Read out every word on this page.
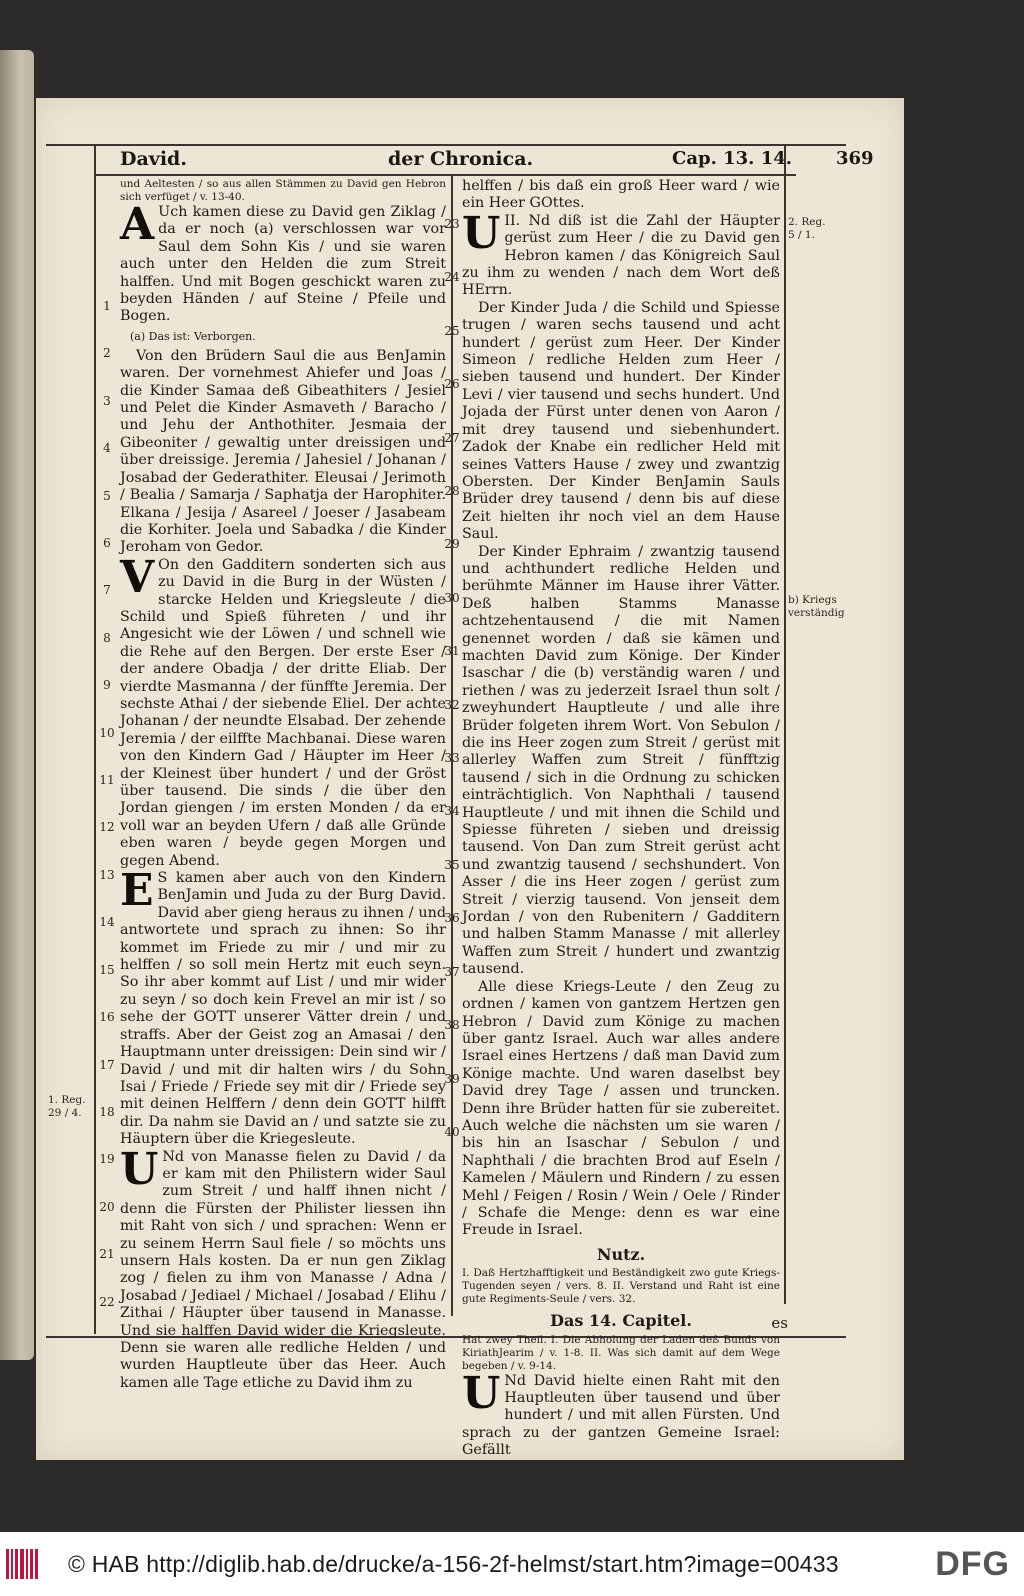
David.	der Chronica.	Cap. 13. 14. 369
1
2
3
4
5
6
7
8
9
10
11
12
13
14
15
16
17
18
19
20
21
22
23
24
25
26
27
28
29
30
31
32
33
34
35
36
37
38
39
40
2. Reg. 5 / 1.
b) Kriegs verständig
1. Reg. 29 / 4.

und Aeltesten / so aus allen Stämmen zu David gen Hebron sich verfüget / v. 13-40.

A Uch kamen diese zu David gen Ziklag / da er noch (a) verschlossen war vor Saul dem Sohn Kis / und sie waren auch unter den Helden die zum Streit halffen. Und mit Bogen geschickt waren zu beyden Händen / auf Steine / Pfeile und Bogen.

(a) Das ist: Verborgen.

Von den Brüdern Saul die aus BenJamin waren. Der vornehmest Ahiefer und Joas / die Kinder Samaa deß Gibeathiters / Jesiel und Pelet die Kinder Asmaveth / Baracho / und Jehu der Anthothiter. Jesmaia der Gibeoniter / gewaltig unter dreissigen und über dreissige. Jeremia / Jahesiel / Johanan / Josabad der Gederathiter. Eleusai / Jerimoth / Bealia / Samarja / Saphatja der Harophiter. Elkana / Jesija / Asareel / Joeser / Jasabeam die Korhiter. Joela und Sabadka / die Kinder Jeroham von Gedor.

V On den Gadditern sonderten sich aus zu David in die Burg in der Wüsten / starcke Helden und Kriegsleute / die Schild und Spieß führeten / und ihr Angesicht wie der Löwen / und schnell wie die Rehe auf den Bergen. Der erste Eser / der andere Obadja / der dritte Eliab. Der vierdte Masmanna / der fünffte Jeremia. Der sechste Athai / der siebende Eliel. Der achte Johanan / der neundte Elsabad. Der zehende Jeremia / der eilffte Machbanai. Diese waren von den Kindern Gad / Häupter im Heer / der Kleinest über hundert / und der Gröst über tausend. Die sinds / die über den Jordan giengen / im ersten Monden / da er voll war an beyden Ufern / daß alle Gründe eben waren / beyde gegen Morgen und gegen Abend.

E S kamen aber auch von den Kindern BenJamin und Juda zu der Burg David. David aber gieng heraus zu ihnen / und antwortete und sprach zu ihnen: So ihr kommet im Friede zu mir / und mir zu helffen / so soll mein Hertz mit euch seyn. So ihr aber kommt auf List / und mir wider zu seyn / so doch kein Frevel an mir ist / so sehe der GOTT unserer Vätter drein / und straffs. Aber der Geist zog an Amasai / den Hauptmann unter dreissigen: Dein sind wir / David / und mit dir halten wirs / du Sohn Isai / Friede / Friede sey mit dir / Friede sey mit deinen Helffern / denn dein GOTT hilfft dir. Da nahm sie David an / und satzte sie zu Häuptern über die Kriegesleute.

U Nd von Manasse fielen zu David / da er kam mit den Philistern wider Saul zum Streit / und halff ihnen nicht / denn die Fürsten der Philister liessen ihn mit Raht von sich / und sprachen: Wenn er zu seinem Herrn Saul fiele / so möchts uns unsern Hals kosten. Da er nun gen Ziklag zog / fielen zu ihm von Manasse / Adna / Josabad / Jediael / Michael / Josabad / Elihu / Zithai / Häupter über tausend in Manasse. Und sie halffen David wider die Kriegsleute. Denn sie waren alle redliche Helden / und wurden Hauptleute über das Heer. Auch kamen alle Tage etliche zu David ihm zu

helffen / bis daß ein groß Heer ward / wie ein Heer GOttes.

II.
U Nd diß ist die Zahl der Häupter gerüst zum Heer / die zu David gen Hebron kamen / das Königreich Saul zu ihm zu wenden / nach dem Wort deß HErrn.

Der Kinder Juda / die Schild und Spiesse trugen / waren sechs tausend und acht hundert / gerüst zum Heer. Der Kinder Simeon / redliche Helden zum Heer / sieben tausend und hundert. Der Kinder Levi / vier tausend und sechs hundert. Und Jojada der Fürst unter denen von Aaron / mit drey tausend und siebenhundert. Zadok der Knabe ein redlicher Held mit seines Vatters Hause / zwey und zwantzig Obersten. Der Kinder BenJamin Sauls Brüder drey tausend / denn bis auf diese Zeit hielten ihr noch viel an dem Hause Saul.

Der Kinder Ephraim / zwantzig tausend und achthundert redliche Helden und berühmte Männer im Hause ihrer Vätter. Deß halben Stamms Manasse achtzehentausend / die mit Namen genennet worden / daß sie kämen und machten David zum Könige. Der Kinder Isaschar / die (b) verständig waren / und riethen / was zu jederzeit Israel thun solt / zweyhundert Hauptleute / und alle ihre Brüder folgeten ihrem Wort. Von Sebulon / die ins Heer zogen zum Streit / gerüst mit allerley Waffen zum Streit / fünfftzig tausend / sich in die Ordnung zu schicken einträchtiglich. Von Naphthali / tausend Hauptleute / und mit ihnen die Schild und Spiesse führeten / sieben und dreissig tausend. Von Dan zum Streit gerüst acht und zwantzig tausend / sechshundert. Von Asser / die ins Heer zogen / gerüst zum Streit / vierzig tausend. Von jenseit dem Jordan / von den Rubenitern / Gadditern und halben Stamm Manasse / mit allerley Waffen zum Streit / hundert und zwantzig tausend.

Alle diese Kriegs-Leute / den Zeug zu ordnen / kamen von gantzem Hertzen gen Hebron / David zum Könige zu machen über gantz Israel. Auch war alles andere Israel eines Hertzens / daß man David zum Könige machte. Und waren daselbst bey David drey Tage / assen und truncken. Denn ihre Brüder hatten für sie zubereitet. Auch welche die nächsten um sie waren / bis hin an Isaschar / Sebulon / und Naphthali / die brachten Brod auf Eseln / Kamelen / Mäulern und Rindern / zu essen Mehl / Feigen / Rosin / Wein / Oele / Rinder / Schafe die Menge: denn es war eine Freude in Israel.

Nutz.

I. Daß Hertzhafftigkeit und Beständigkeit zwo gute Kriegs-Tugenden seyen / vers. 8. II. Verstand und Raht ist eine gute Regiments-Seule / vers. 32.

Das 14. Capitel.

Hat zwey Theil. I. Die Abholung der Laden deß Bunds von KiriathJearim / v. 1-8. II. Was sich damit auf dem Wege begeben / v. 9-14.

U Nd David hielte einen Raht mit den Hauptleuten über tausend und über hundert / und mit allen Fürsten. Und sprach zu der gantzen Gemeine Israel: Gefällt

es
© HAB http://diglib.hab.de/drucke/a-156-2f-helmst/start.htm?image=00433	DFG
